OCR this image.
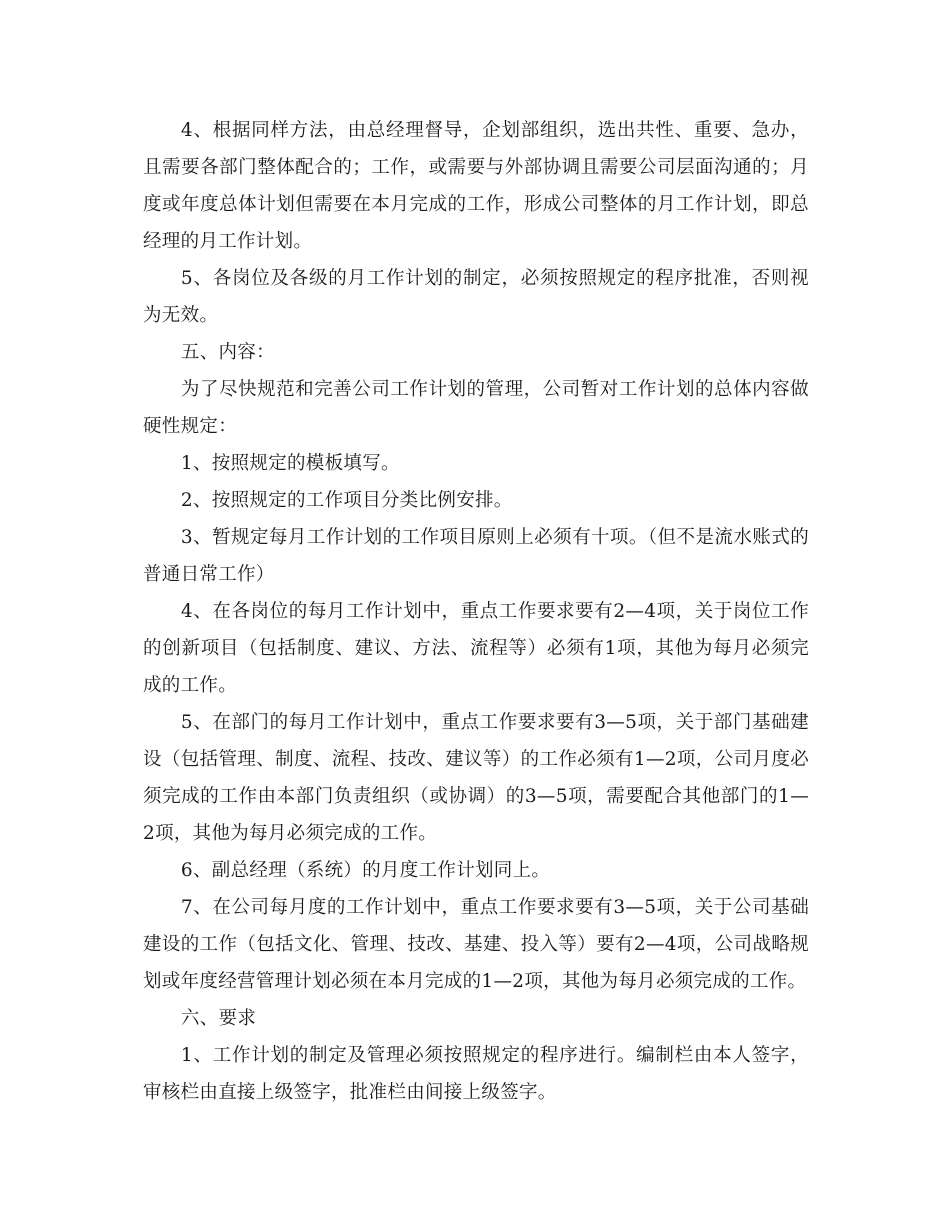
4、根据同样方法，由总经理督导，企划部组织，选出共性、重要、急办，且需要各部门整体配合的；工作，或需要与外部协调且需要公司层面沟通的；月度或年度总体计划但需要在本月完成的工作，形成公司整体的月工作计划，即总经理的月工作计划。

5、各岗位及各级的月工作计划的制定，必须按照规定的程序批准，否则视为无效。

五、内容：

为了尽快规范和完善公司工作计划的管理，公司暂对工作计划的总体内容做硬性规定：

1、按照规定的模板填写。

2、按照规定的工作项目分类比例安排。

3、暂规定每月工作计划的工作项目原则上必须有十项。（但不是流水账式的普通日常工作）

4、在各岗位的每月工作计划中，重点工作要求要有2—4项，关于岗位工作的创新项目（包括制度、建议、方法、流程等）必须有1项，其他为每月必须完成的工作。

5、在部门的每月工作计划中，重点工作要求要有3—5项，关于部门基础建设（包括管理、制度、流程、技改、建议等）的工作必须有1—2项，公司月度必须完成的工作由本部门负责组织（或协调）的3—5项，需要配合其他部门的1—2项，其他为每月必须完成的工作。

6、副总经理（系统）的月度工作计划同上。

7、在公司每月度的工作计划中，重点工作要求要有3—5项，关于公司基础建设的工作（包括文化、管理、技改、基建、投入等）要有2—4项，公司战略规划或年度经营管理计划必须在本月完成的1—2项，其他为每月必须完成的工作。

六、要求

1、工作计划的制定及管理必须按照规定的程序进行。编制栏由本人签字，审核栏由直接上级签字，批准栏由间接上级签字。
